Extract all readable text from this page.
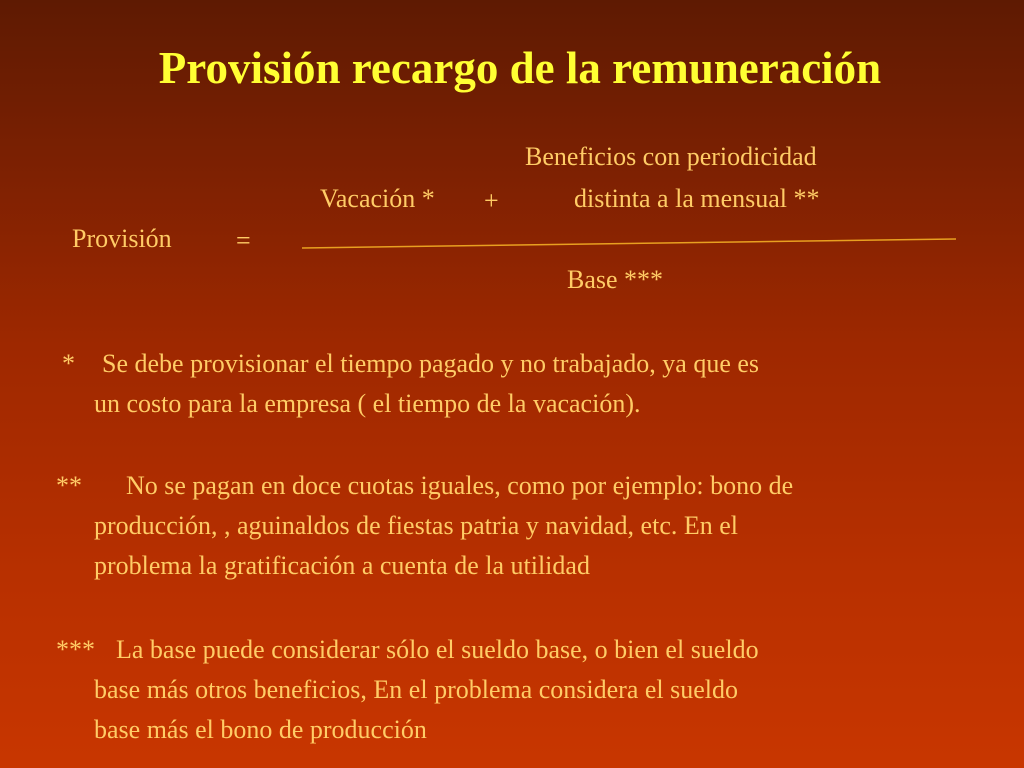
Provisión recargo de la remuneración
Provisión =
Beneficios con periodicidad
Vacación * +	distinta a la mensual **
Base ***
* Se debe provisionar el tiempo pagado y no trabajado, ya que es
un costo para la empresa ( el tiempo de la vacación).
** No se pagan en doce cuotas iguales, como por ejemplo: bono de
producción, , aguinaldos de fiestas patria y navidad, etc. En el
problema la gratificación a cuenta de la utilidad
*** La base puede considerar sólo el sueldo base, o bien el sueldo
base más otros beneficios, En el problema considera el sueldo
base más el bono de producción
